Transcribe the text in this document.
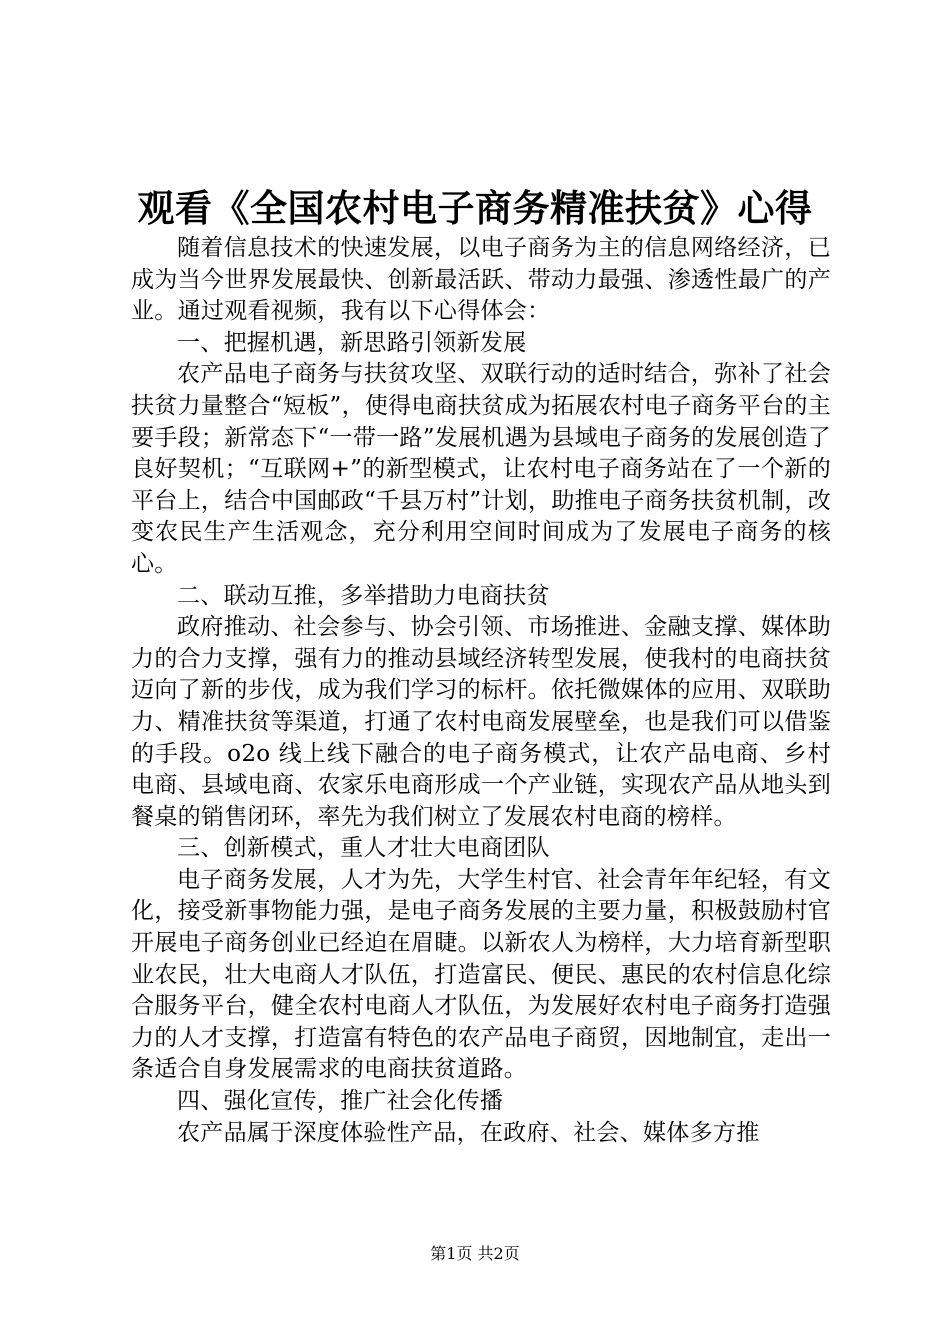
观看《全国农村电子商务精准扶贫》心得

随着信息技术的快速发展，以电子商务为主的信息网络经济，已成为当今世界发展最快、创新最活跃、带动力最强、渗透性最广的产业。通过观看视频，我有以下心得体会：

一、把握机遇，新思路引领新发展

农产品电子商务与扶贫攻坚、双联行动的适时结合，弥补了社会扶贫力量整合“短板”，使得电商扶贫成为拓展农村电子商务平台的主要手段；新常态下“一带一路”发展机遇为县域电子商务的发展创造了良好契机；“互联网+”的新型模式，让农村电子商务站在了一个新的平台上，结合中国邮政“千县万村”计划，助推电子商务扶贫机制，改变农民生产生活观念，充分利用空间时间成为了发展电子商务的核心。

二、联动互推，多举措助力电商扶贫

政府推动、社会参与、协会引领、市场推进、金融支撑、媒体助力的合力支撑，强有力的推动县域经济转型发展，使我村的电商扶贫迈向了新的步伐，成为我们学习的标杆。依托微媒体的应用、双联助力、精准扶贫等渠道，打通了农村电商发展壁垒，也是我们可以借鉴的手段。o2o 线上线下融合的电子商务模式，让农产品电商、乡村电商、县域电商、农家乐电商形成一个产业链，实现农产品从地头到餐桌的销售闭环，率先为我们树立了发展农村电商的榜样。

三、创新模式，重人才壮大电商团队

电子商务发展，人才为先，大学生村官、社会青年年纪轻，有文化，接受新事物能力强，是电子商务发展的主要力量，积极鼓励村官开展电子商务创业已经迫在眉睫。以新农人为榜样，大力培育新型职业农民，壮大电商人才队伍，打造富民、便民、惠民的农村信息化综合服务平台，健全农村电商人才队伍，为发展好农村电子商务打造强力的人才支撑，打造富有特色的农产品电子商贸，因地制宜，走出一条适合自身发展需求的电商扶贫道路。

四、强化宣传，推广社会化传播

农产品属于深度体验性产品，在政府、社会、媒体多方推

第1页 共2页
